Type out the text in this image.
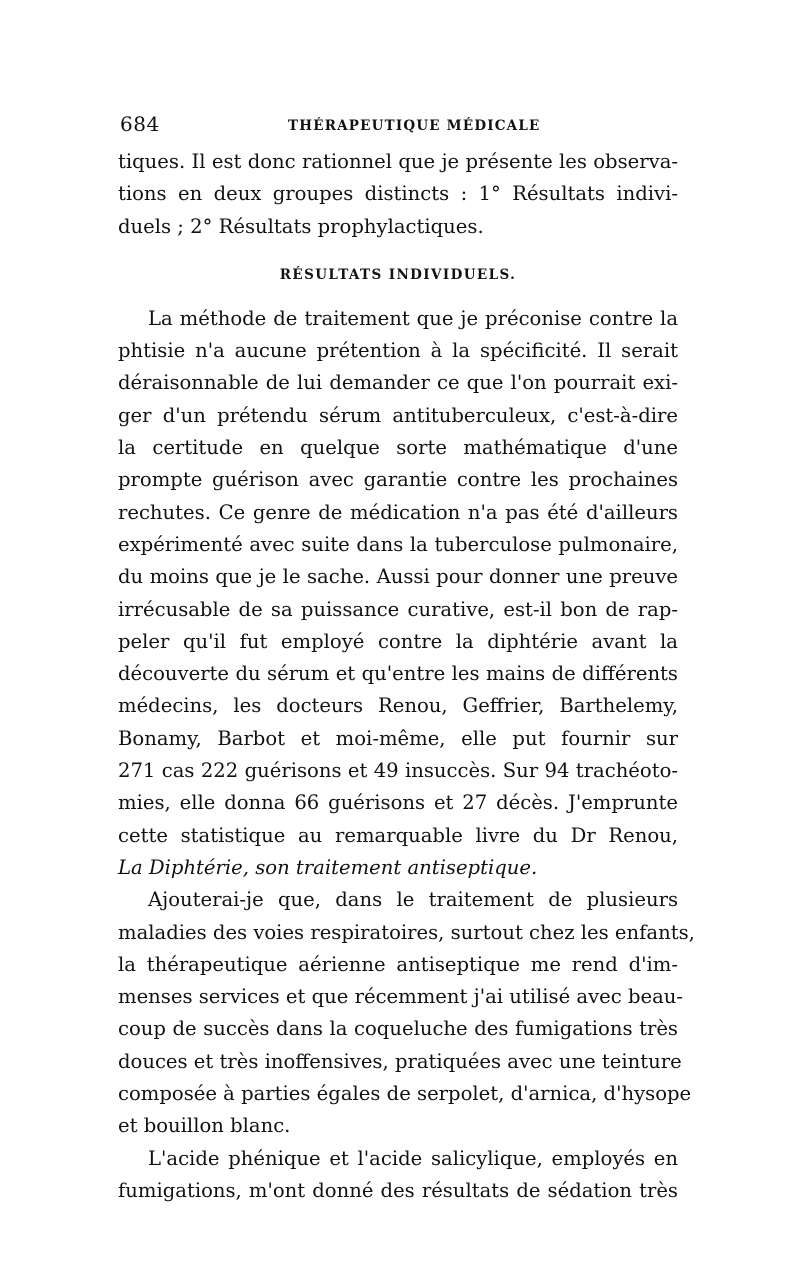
684	THÉRAPEUTIQUE MÉDICALE
tiques. Il est donc rationnel que je présente les observa-
tions en deux groupes distincts : 1° Résultats indivi-
duels ; 2° Résultats prophylactiques.
RÉSULTATS INDIVIDUELS.
La méthode de traitement que je préconise contre la
phtisie n'a aucune prétention à la spécificité. Il serait
déraisonnable de lui demander ce que l'on pourrait exi-
ger d'un prétendu sérum antituberculeux, c'est-à-dire
la certitude en quelque sorte mathématique d'une
prompte guérison avec garantie contre les prochaines
rechutes. Ce genre de médication n'a pas été d'ailleurs
expérimenté avec suite dans la tuberculose pulmonaire,
du moins que je le sache. Aussi pour donner une preuve
irrécusable de sa puissance curative, est-il bon de rap-
peler qu'il fut employé contre la diphtérie avant la
découverte du sérum et qu'entre les mains de différents
médecins, les docteurs Renou, Geffrier, Barthelemy,
Bonamy, Barbot et moi-même, elle put fournir sur
271 cas 222 guérisons et 49 insuccès. Sur 94 trachéoto-
mies, elle donna 66 guérisons et 27 décès. J'emprunte
cette statistique au remarquable livre du Dr Renou,
La Diphtérie, son traitement antiseptique.
Ajouterai-je que, dans le traitement de plusieurs
maladies des voies respiratoires, surtout chez les enfants,
la thérapeutique aérienne antiseptique me rend d'im-
menses services et que récemment j'ai utilisé avec beau-
coup de succès dans la coqueluche des fumigations très
douces et très inoffensives, pratiquées avec une teinture
composée à parties égales de serpolet, d'arnica, d'hysope
et bouillon blanc.
L'acide phénique et l'acide salicylique, employés en
fumigations, m'ont donné des résultats de sédation très
